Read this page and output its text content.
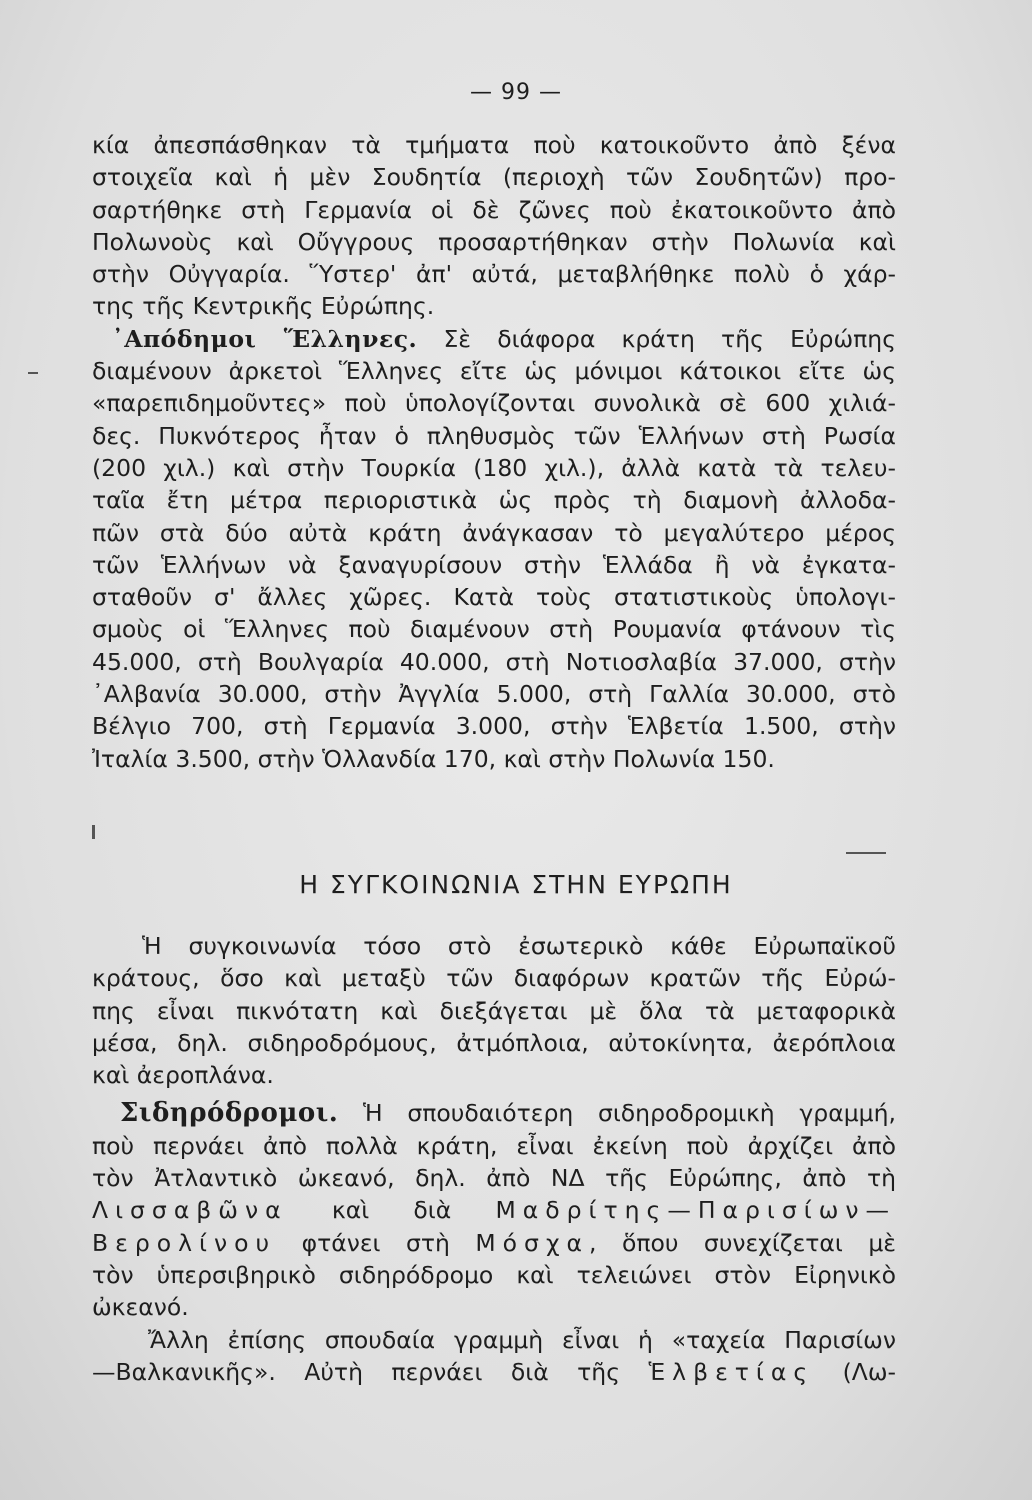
— 99 —
κία ἀπεσπάσθηκαν τὰ τμήματα ποὺ κατοικοῦντο ἀπὸ ξένα
στοιχεῖα καὶ ἡ μὲν Σουδητία (περιοχὴ τῶν Σουδητῶν) προ-
σαρτήθηκε στὴ Γερμανία οἱ δὲ ζῶνες ποὺ ἐκατοικοῦντο ἀπὸ
Πολωνοὺς καὶ Οὔγγρους προσαρτήθηκαν στὴν Πολωνία καὶ
στὴν Οὐγγαρία. Ὕστερ' ἀπ' αὐτά, μεταβλήθηκε πολὺ ὁ χάρ-
της τῆς Κεντρικῆς Εὐρώπης.
᾿Απόδημοι Ἕλληνες. Σὲ διάφορα κράτη τῆς Εὐρώπης
διαμένουν ἀρκετοὶ Ἕλληνες εἴτε ὡς μόνιμοι κάτοικοι εἴτε ὡς
«παρεπιδημοῦντες» ποὺ ὑπολογίζονται συνολικὰ σὲ 600 χιλιά-
δες. Πυκνότερος ἦταν ὁ πληθυσμὸς τῶν Ἑλλήνων στὴ Ρωσία
(200 χιλ.) καὶ στὴν Τουρκία (180 χιλ.), ἀλλὰ κατὰ τὰ τελευ-
ταῖα ἔτη μέτρα περιοριστικὰ ὡς πρὸς τὴ διαμονὴ ἀλλοδα-
πῶν στὰ δύο αὐτὰ κράτη ἀνάγκασαν τὸ μεγαλύτερο μέρος
τῶν Ἑλλήνων νὰ ξαναγυρίσουν στὴν Ἑλλάδα ἢ νὰ ἐγκατα-
σταθοῦν σ' ἄλλες χῶρες. Κατὰ τοὺς στατιστικοὺς ὑπολογι-
σμοὺς οἱ Ἕλληνες ποὺ διαμένουν στὴ Ρουμανία φτάνουν τὶς
45.000, στὴ Βουλγαρία 40.000, στὴ Νοτιοσλαβία 37.000, στὴν
᾿Αλβανία 30.000, στὴν Ἀγγλία 5.000, στὴ Γαλλία 30.000, στὸ
Βέλγιο 700, στὴ Γερμανία 3.000, στὴν Ἑλβετία 1.500, στὴν
Ἰταλία 3.500, στὴν Ὁλλανδία 170, καὶ στὴν Πολωνία 150.
Η ΣΥΓΚΟΙΝΩΝΙΑ ΣΤΗΝ ΕΥΡΩΠΗ
Ἡ συγκοινωνία τόσο στὸ ἐσωτερικὸ κάθε Εὐρωπαϊκοῦ
κράτους, ὅσο καὶ μεταξὺ τῶν διαφόρων κρατῶν τῆς Εὐρώ-
πης εἶναι πικνότατη καὶ διεξάγεται μὲ ὅλα τὰ μεταφορικὰ
μέσα, δηλ. σιδηροδρόμους, ἀτμόπλοια, αὐτοκίνητα, ἀερόπλοια
καὶ ἀεροπλάνα.
Σιδηρόδρομοι. Ἡ σπουδαιότερη σιδηροδρομικὴ γραμμή,
ποὺ περνάει ἀπὸ πολλὰ κράτη, εἶναι ἐκείνη ποὺ ἀρχίζει ἀπὸ
τὸν Ἀτλαντικὸ ὠκεανό, δηλ. ἀπὸ ΝΔ τῆς Εὐρώπης, ἀπὸ τὴ
Λισσαβῶνα καὶ διὰ Μαδρίτης—Παρισίων—
Βερολίνου φτάνει στὴ Μόσχα, ὅπου συνεχίζεται μὲ
τὸν ὑπερσιβηρικὸ σιδηρόδρομο καὶ τελειώνει στὸν Εἰρηνικὸ
ὠκεανό.
Ἄλλη ἐπίσης σπουδαία γραμμὴ εἶναι ἡ «ταχεία Παρισίων
—Βαλκανικῆς». Αὐτὴ περνάει διὰ τῆς Ἑλβετίας (Λω-
